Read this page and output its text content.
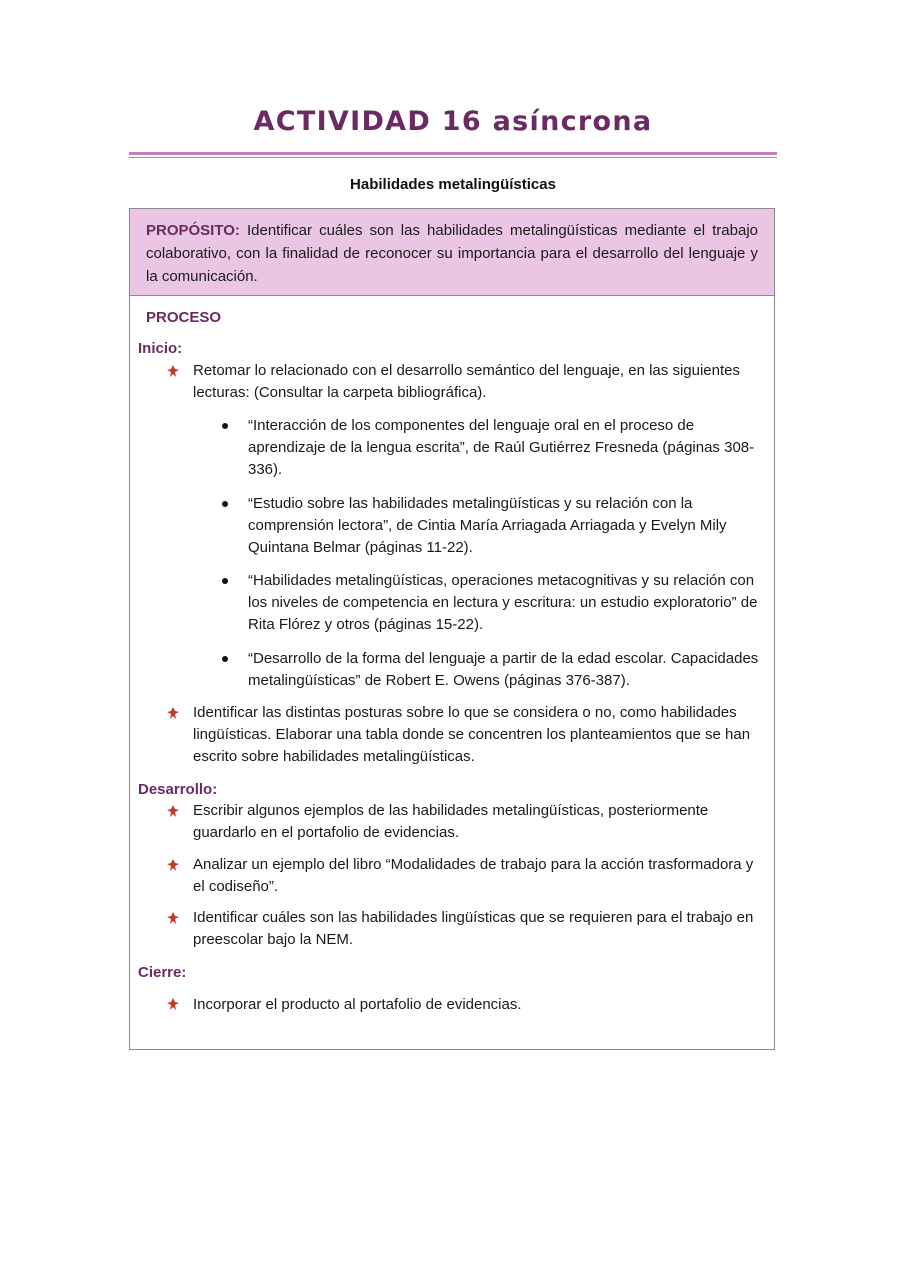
ACTIVIDAD 16 asíncrona
Habilidades metalingüísticas
PROPÓSITO: Identificar cuáles son las habilidades metalingüísticas mediante el trabajo colaborativo, con la finalidad de reconocer su importancia para el desarrollo del lenguaje y la comunicación.
PROCESO
Inicio:
Retomar lo relacionado con el desarrollo semántico del lenguaje, en las siguientes lecturas: (Consultar la carpeta bibliográfica).
“Interacción de los componentes del lenguaje oral en el proceso de aprendizaje de la lengua escrita”, de Raúl Gutiérrez Fresneda (páginas 308-336).
“Estudio sobre las habilidades metalingüísticas y su relación con la comprensión lectora”, de Cintia María Arriagada Arriagada y Evelyn Mily Quintana Belmar (páginas 11-22).
“Habilidades metalingüísticas, operaciones metacognitivas y su relación con los niveles de competencia en lectura y escritura: un estudio exploratorio” de Rita Flórez y otros (páginas 15-22).
“Desarrollo de la forma del lenguaje a partir de la edad escolar. Capacidades metalingüísticas” de Robert E. Owens (páginas 376-387).
Identificar las distintas posturas sobre lo que se considera o no, como habilidades lingüísticas. Elaborar una tabla donde se concentren los planteamientos que se han escrito sobre habilidades metalingüísticas.
Desarrollo:
Escribir algunos ejemplos de las habilidades metalingüísticas, posteriormente guardarlo en el portafolio de evidencias.
Analizar un ejemplo del libro “Modalidades de trabajo para la acción trasformadora y el codiseño”.
Identificar cuáles son las habilidades lingüísticas que se requieren para el trabajo en preescolar bajo la NEM.
Cierre:
Incorporar el producto al portafolio de evidencias.
